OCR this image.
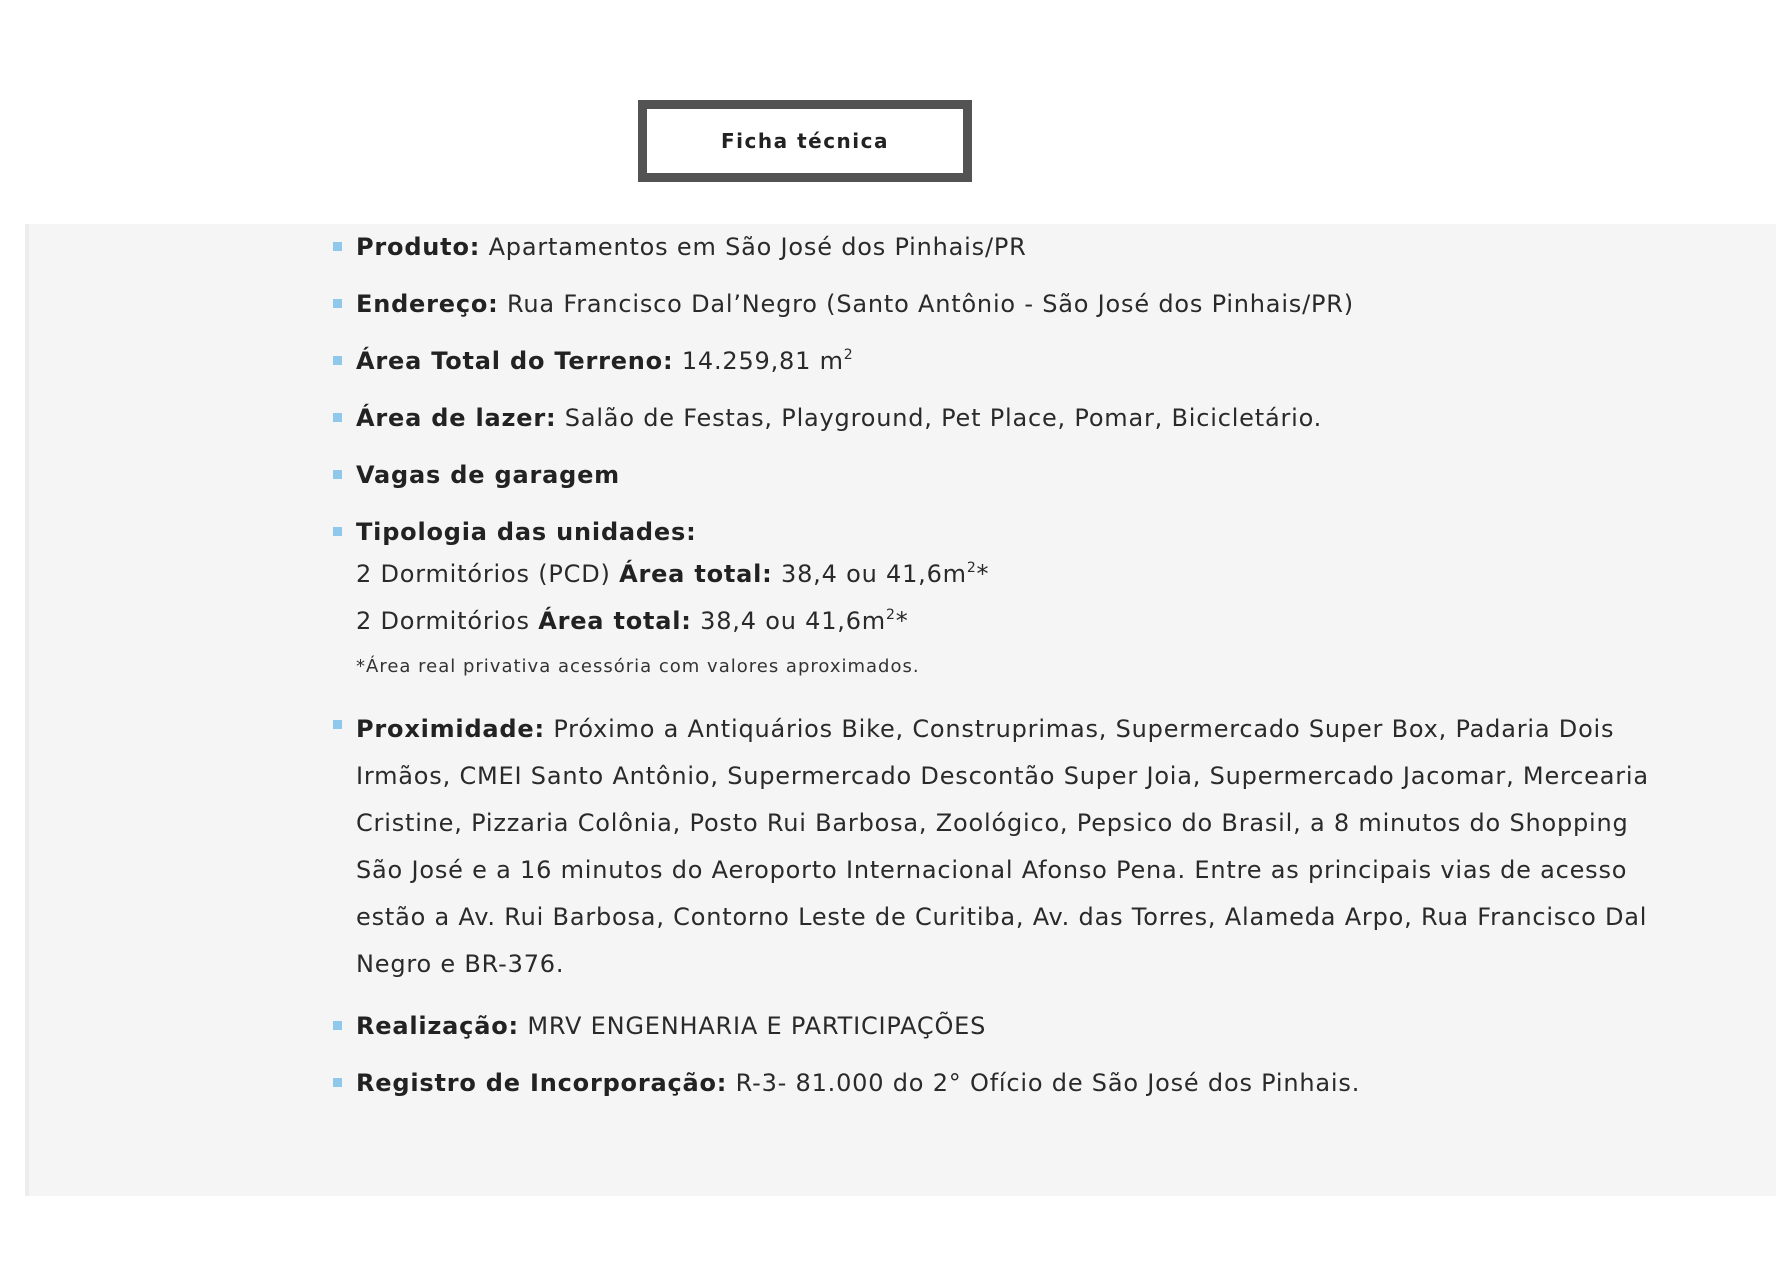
Ficha técnica
Produto: Apartamentos em São José dos Pinhais/PR
Endereço: Rua Francisco Dal’Negro (Santo Antônio - São José dos Pinhais/PR)
Área Total do Terreno: 14.259,81 $m^2$
Área de lazer: Salão de Festas, Playground, Pet Place, Pomar, Bicicletário.
Vagas de garagem
Tipologia das unidades:
2 Dormitórios (PCD) Área total: 38,4 ou $41,6m^2*$
2 Dormitórios Área total: 38,4 ou $41,6m^2*$
*Área real privativa acessória com valores aproximados.
Proximidade: Próximo a Antiquários Bike, Construprimas, Supermercado Super Box, Padaria Dois Irmãos, CMEI Santo Antônio, Supermercado Descontão Super Joia, Supermercado Jacomar, Mercearia Cristine, Pizzaria Colônia, Posto Rui Barbosa, Zoológico, Pepsico do Brasil, a 8 minutos do Shopping São José e a 16 minutos do Aeroporto Internacional Afonso Pena. Entre as principais vias de acesso estão a Av. Rui Barbosa, Contorno Leste de Curitiba, Av. das Torres, Alameda Arpo, Rua Francisco Dal Negro e BR-376.
Realização: MRV ENGENHARIA E PARTICIPAÇÕES
Registro de Incorporação: R-3- 81.000 do 2° Ofício de São José dos Pinhais.
